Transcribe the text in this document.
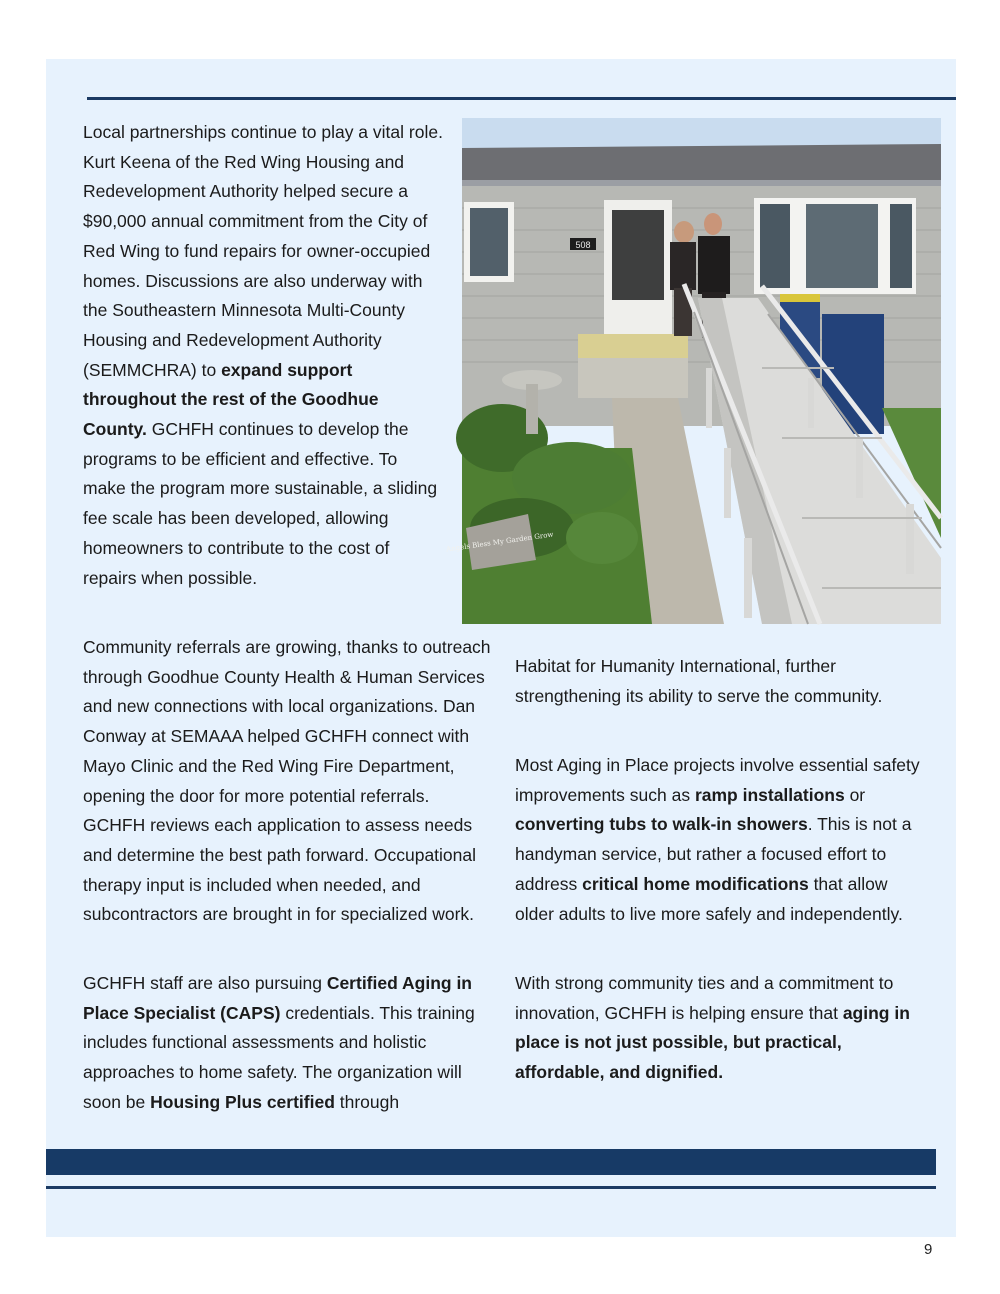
Local partnerships continue to play a vital role. Kurt Keena of the Red Wing Housing and Redevelopment Authority helped secure a $90,000 annual commitment from the City of Red Wing to fund repairs for owner-occupied homes. Discussions are also underway with the Southeastern Minnesota Multi-County Housing and Redevelopment Authority (SEMMCHRA) to expand support throughout the rest of the Goodhue County. GCHFH continues to develop the programs to be efficient and effective. To make the program more sustainable, a sliding fee scale has been developed, allowing homeowners to contribute to the cost of repairs when possible.

Community referrals are growing, thanks to outreach through Goodhue County Health & Human Services and new connections with local organizations. Dan Conway at SEMAAA helped GCHFH connect with Mayo Clinic and the Red Wing Fire Department, opening the door for more potential referrals. GCHFH reviews each application to assess needs and determine the best path forward. Occupational therapy input is included when needed, and subcontractors are brought in for specialized work.

GCHFH staff are also pursuing Certified Aging in Place Specialist (CAPS) credentials. This training includes functional assessments and holistic approaches to home safety. The organization will soon be Housing Plus certified through

Habitat for Humanity International, further strengthening its ability to serve the community.

Most Aging in Place projects involve essential safety improvements such as ramp installations or converting tubs to walk-in showers. This is not a handyman service, but rather a focused effort to address critical home modifications that allow older adults to live more safely and independently.

With strong community ties and a commitment to innovation, GCHFH is helping ensure that aging in place is not just possible, but practical, affordable, and dignified.

508
Angels Bless My Garden Grow
9
